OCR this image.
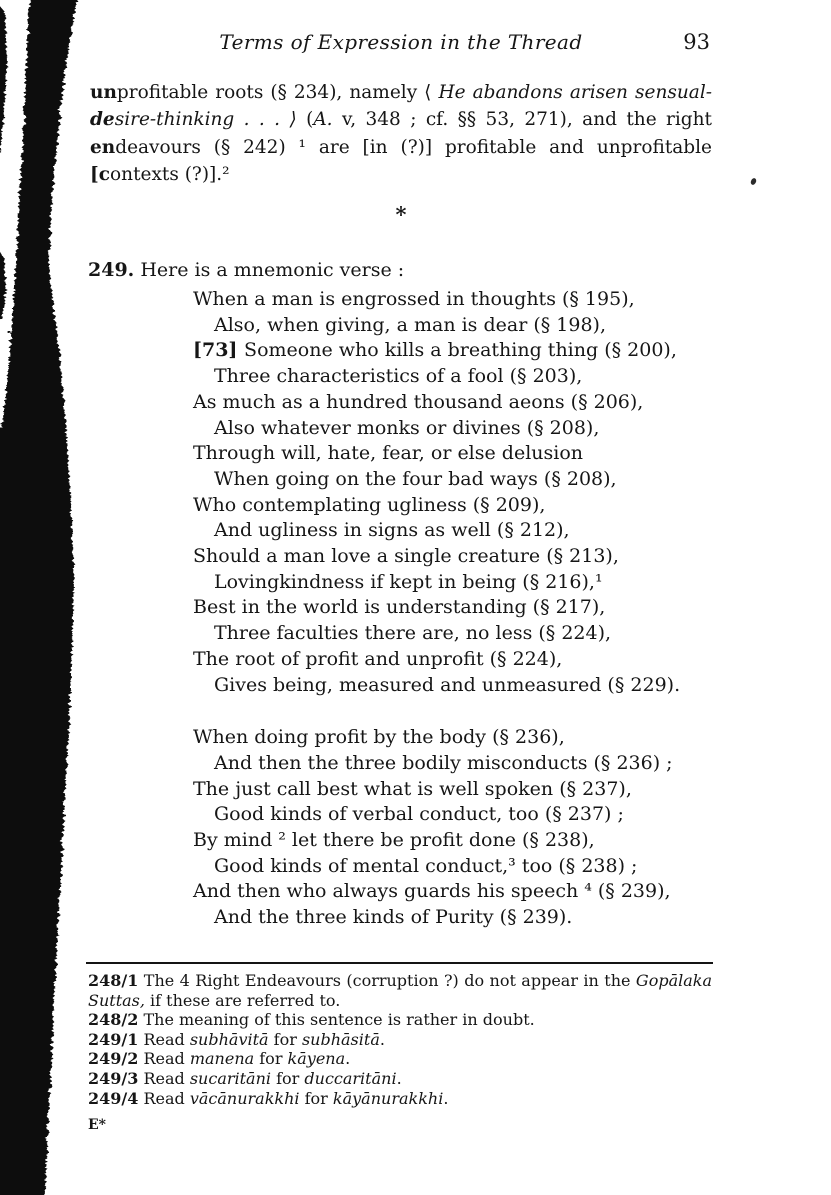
Terms of Expression in the Thread	93
unprofitable roots (§ 234), namely ⟨ He abandons arisen sensual-
desire-thinking . . . ⟩ (A. v, 348 ; cf. §§ 53, 271), and the right
endeavours (§ 242) ¹ are [in (?)] profitable and unprofitable
[contexts (?)].²
*
249. Here is a mnemonic verse :
When a man is engrossed in thoughts (§ 195),
Also, when giving, a man is dear (§ 198),
[73] Someone who kills a breathing thing (§ 200),
Three characteristics of a fool (§ 203),
As much as a hundred thousand aeons (§ 206),
Also whatever monks or divines (§ 208),
Through will, hate, fear, or else delusion
When going on the four bad ways (§ 208),
Who contemplating ugliness (§ 209),
And ugliness in signs as well (§ 212),
Should a man love a single creature (§ 213),
Lovingkindness if kept in being (§ 216),¹
Best in the world is understanding (§ 217),
Three faculties there are, no less (§ 224),
The root of profit and unprofit (§ 224),
Gives being, measured and unmeasured (§ 229).
When doing profit by the body (§ 236),
And then the three bodily misconducts (§ 236) ;
The just call best what is well spoken (§ 237),
Good kinds of verbal conduct, too (§ 237) ;
By mind ² let there be profit done (§ 238),
Good kinds of mental conduct,³ too (§ 238) ;
And then who always guards his speech ⁴ (§ 239),
And the three kinds of Purity (§ 239).

248/1 The 4 Right Endeavours (corruption ?) do not appear in the Gopālaka Suttas, if these are referred to.

248/2 The meaning of this sentence is rather in doubt.

249/1 Read subhāvitā for subhāsitā.

249/2 Read manena for kāyena.

249/3 Read sucaritāni for duccaritāni.

249/4 Read vācānurakkhi for kāyānurakkhi.

E*
